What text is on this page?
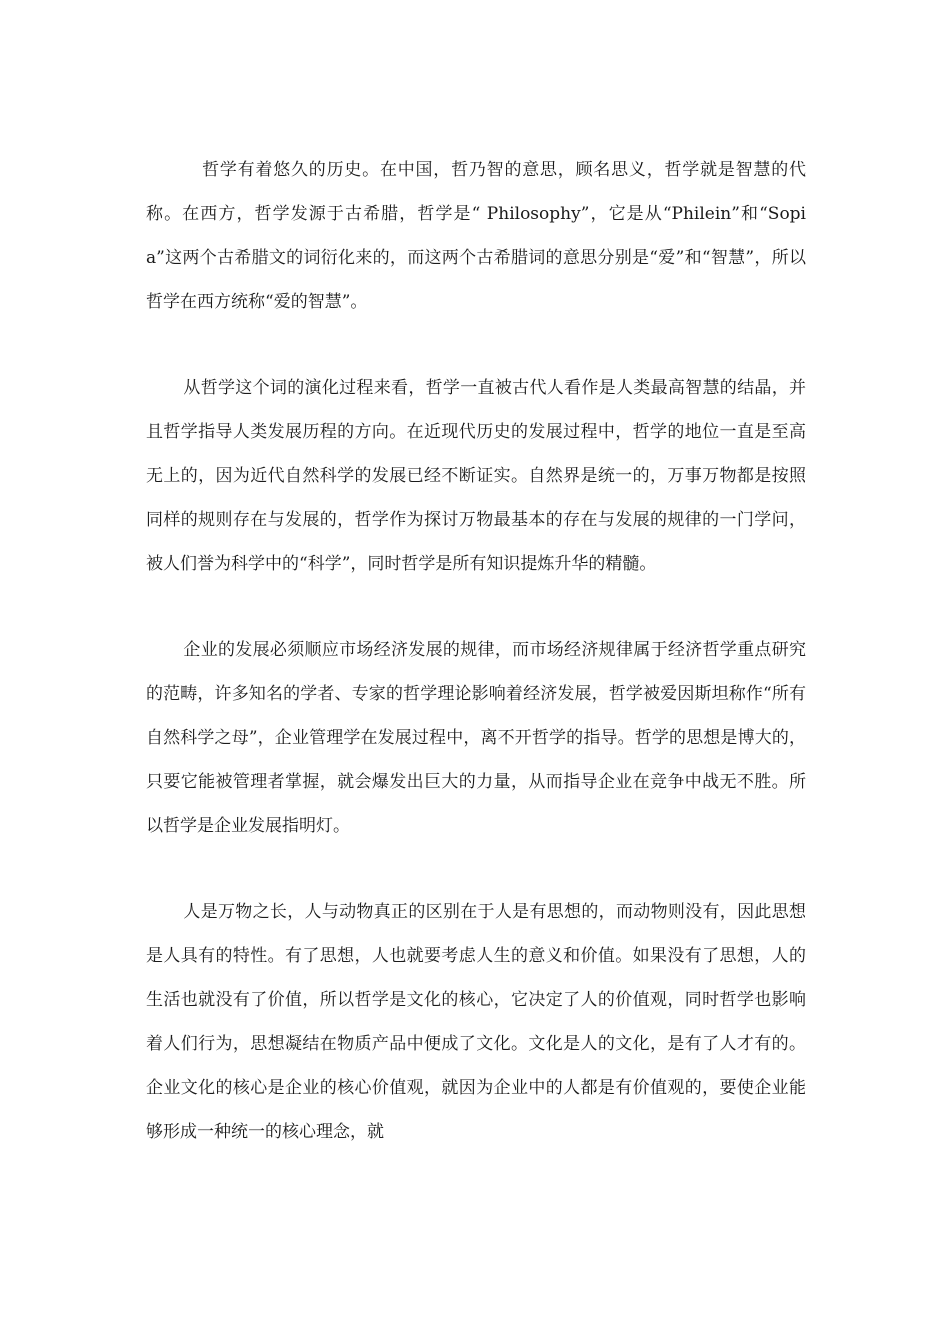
哲学有着悠久的历史。在中国，哲乃智的意思，顾名思义，哲学就是智慧的代称。在西方，哲学发源于古希腊，哲学是“ Philosophy”，它是从“Philein”和“Sopia”这两个古希腊文的词衍化来的，而这两个古希腊词的意思分别是“爱”和“智慧”，所以哲学在西方统称“爱的智慧”。

从哲学这个词的演化过程来看，哲学一直被古代人看作是人类最高智慧的结晶，并且哲学指导人类发展历程的方向。在近现代历史的发展过程中，哲学的地位一直是至高无上的，因为近代自然科学的发展已经不断证实。自然界是统一的，万事万物都是按照同样的规则存在与发展的，哲学作为探讨万物最基本的存在与发展的规律的一门学问，被人们誉为科学中的“科学”，同时哲学是所有知识提炼升华的精髓。

企业的发展必须顺应市场经济发展的规律，而市场经济规律属于经济哲学重点研究的范畴，许多知名的学者、专家的哲学理论影响着经济发展，哲学被爱因斯坦称作“所有自然科学之母”，企业管理学在发展过程中，离不开哲学的指导。哲学的思想是博大的，只要它能被管理者掌握，就会爆发出巨大的力量，从而指导企业在竞争中战无不胜。所以哲学是企业发展指明灯。

人是万物之长，人与动物真正的区别在于人是有思想的，而动物则没有，因此思想是人具有的特性。有了思想，人也就要考虑人生的意义和价值。如果没有了思想，人的生活也就没有了价值，所以哲学是文化的核心，它决定了人的价值观，同时哲学也影响着人们行为，思想凝结在物质产品中便成了文化。文化是人的文化，是有了人才有的。企业文化的核心是企业的核心价值观，就因为企业中的人都是有价值观的，要使企业能够形成一种统一的核心理念，就
